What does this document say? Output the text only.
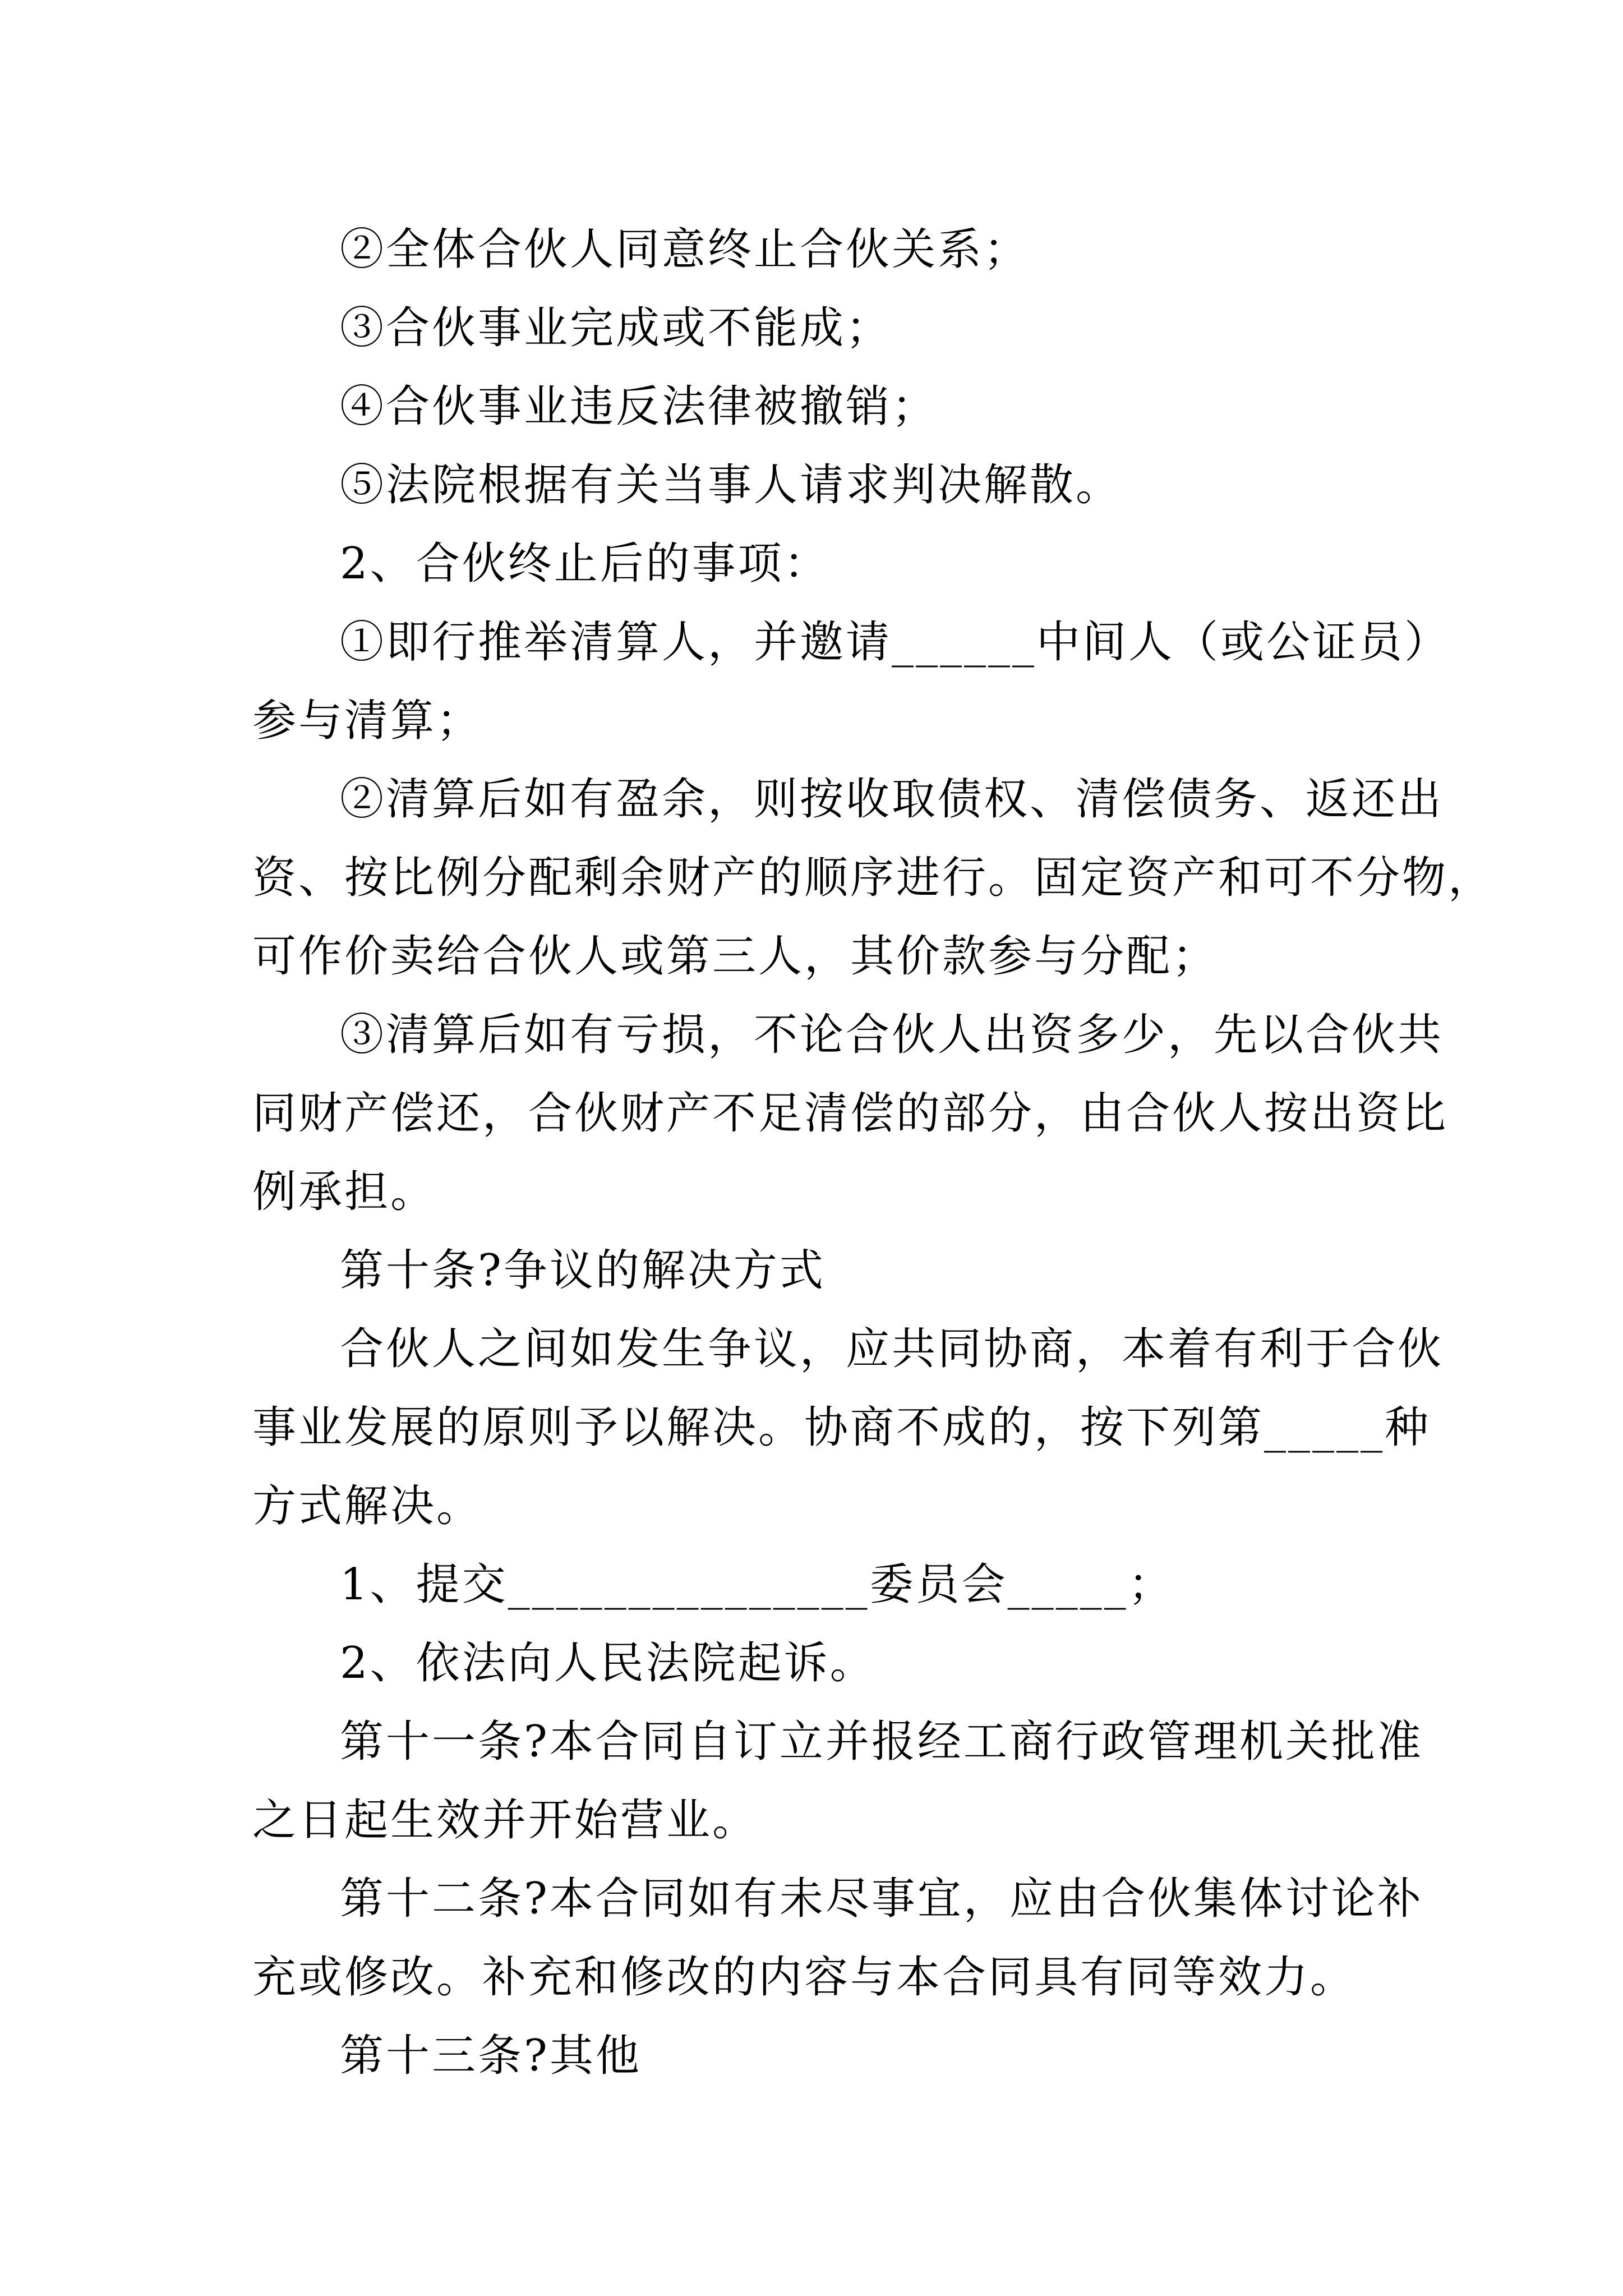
②全体合伙人同意终止合伙关系；
③合伙事业完成或不能成；
④合伙事业违反法律被撤销；
⑤法院根据有关当事人请求判决解散。
2、合伙终止后的事项：
①即行推举清算人，并邀请______中间人（或公证员）
参与清算；
②清算后如有盈余，则按收取债权、清偿债务、返还出
资、按比例分配剩余财产的顺序进行。固定资产和可不分物，
可作价卖给合伙人或第三人，其价款参与分配；
③清算后如有亏损，不论合伙人出资多少，先以合伙共
同财产偿还，合伙财产不足清偿的部分，由合伙人按出资比
例承担。
第十条?争议的解决方式
合伙人之间如发生争议，应共同协商，本着有利于合伙
事业发展的原则予以解决。协商不成的，按下列第_____种
方式解决。
1、提交_______________委员会_____；
2、依法向人民法院起诉。
第十一条?本合同自订立并报经工商行政管理机关批准
之日起生效并开始营业。
第十二条?本合同如有未尽事宜，应由合伙集体讨论补
充或修改。补充和修改的内容与本合同具有同等效力。
第十三条?其他
